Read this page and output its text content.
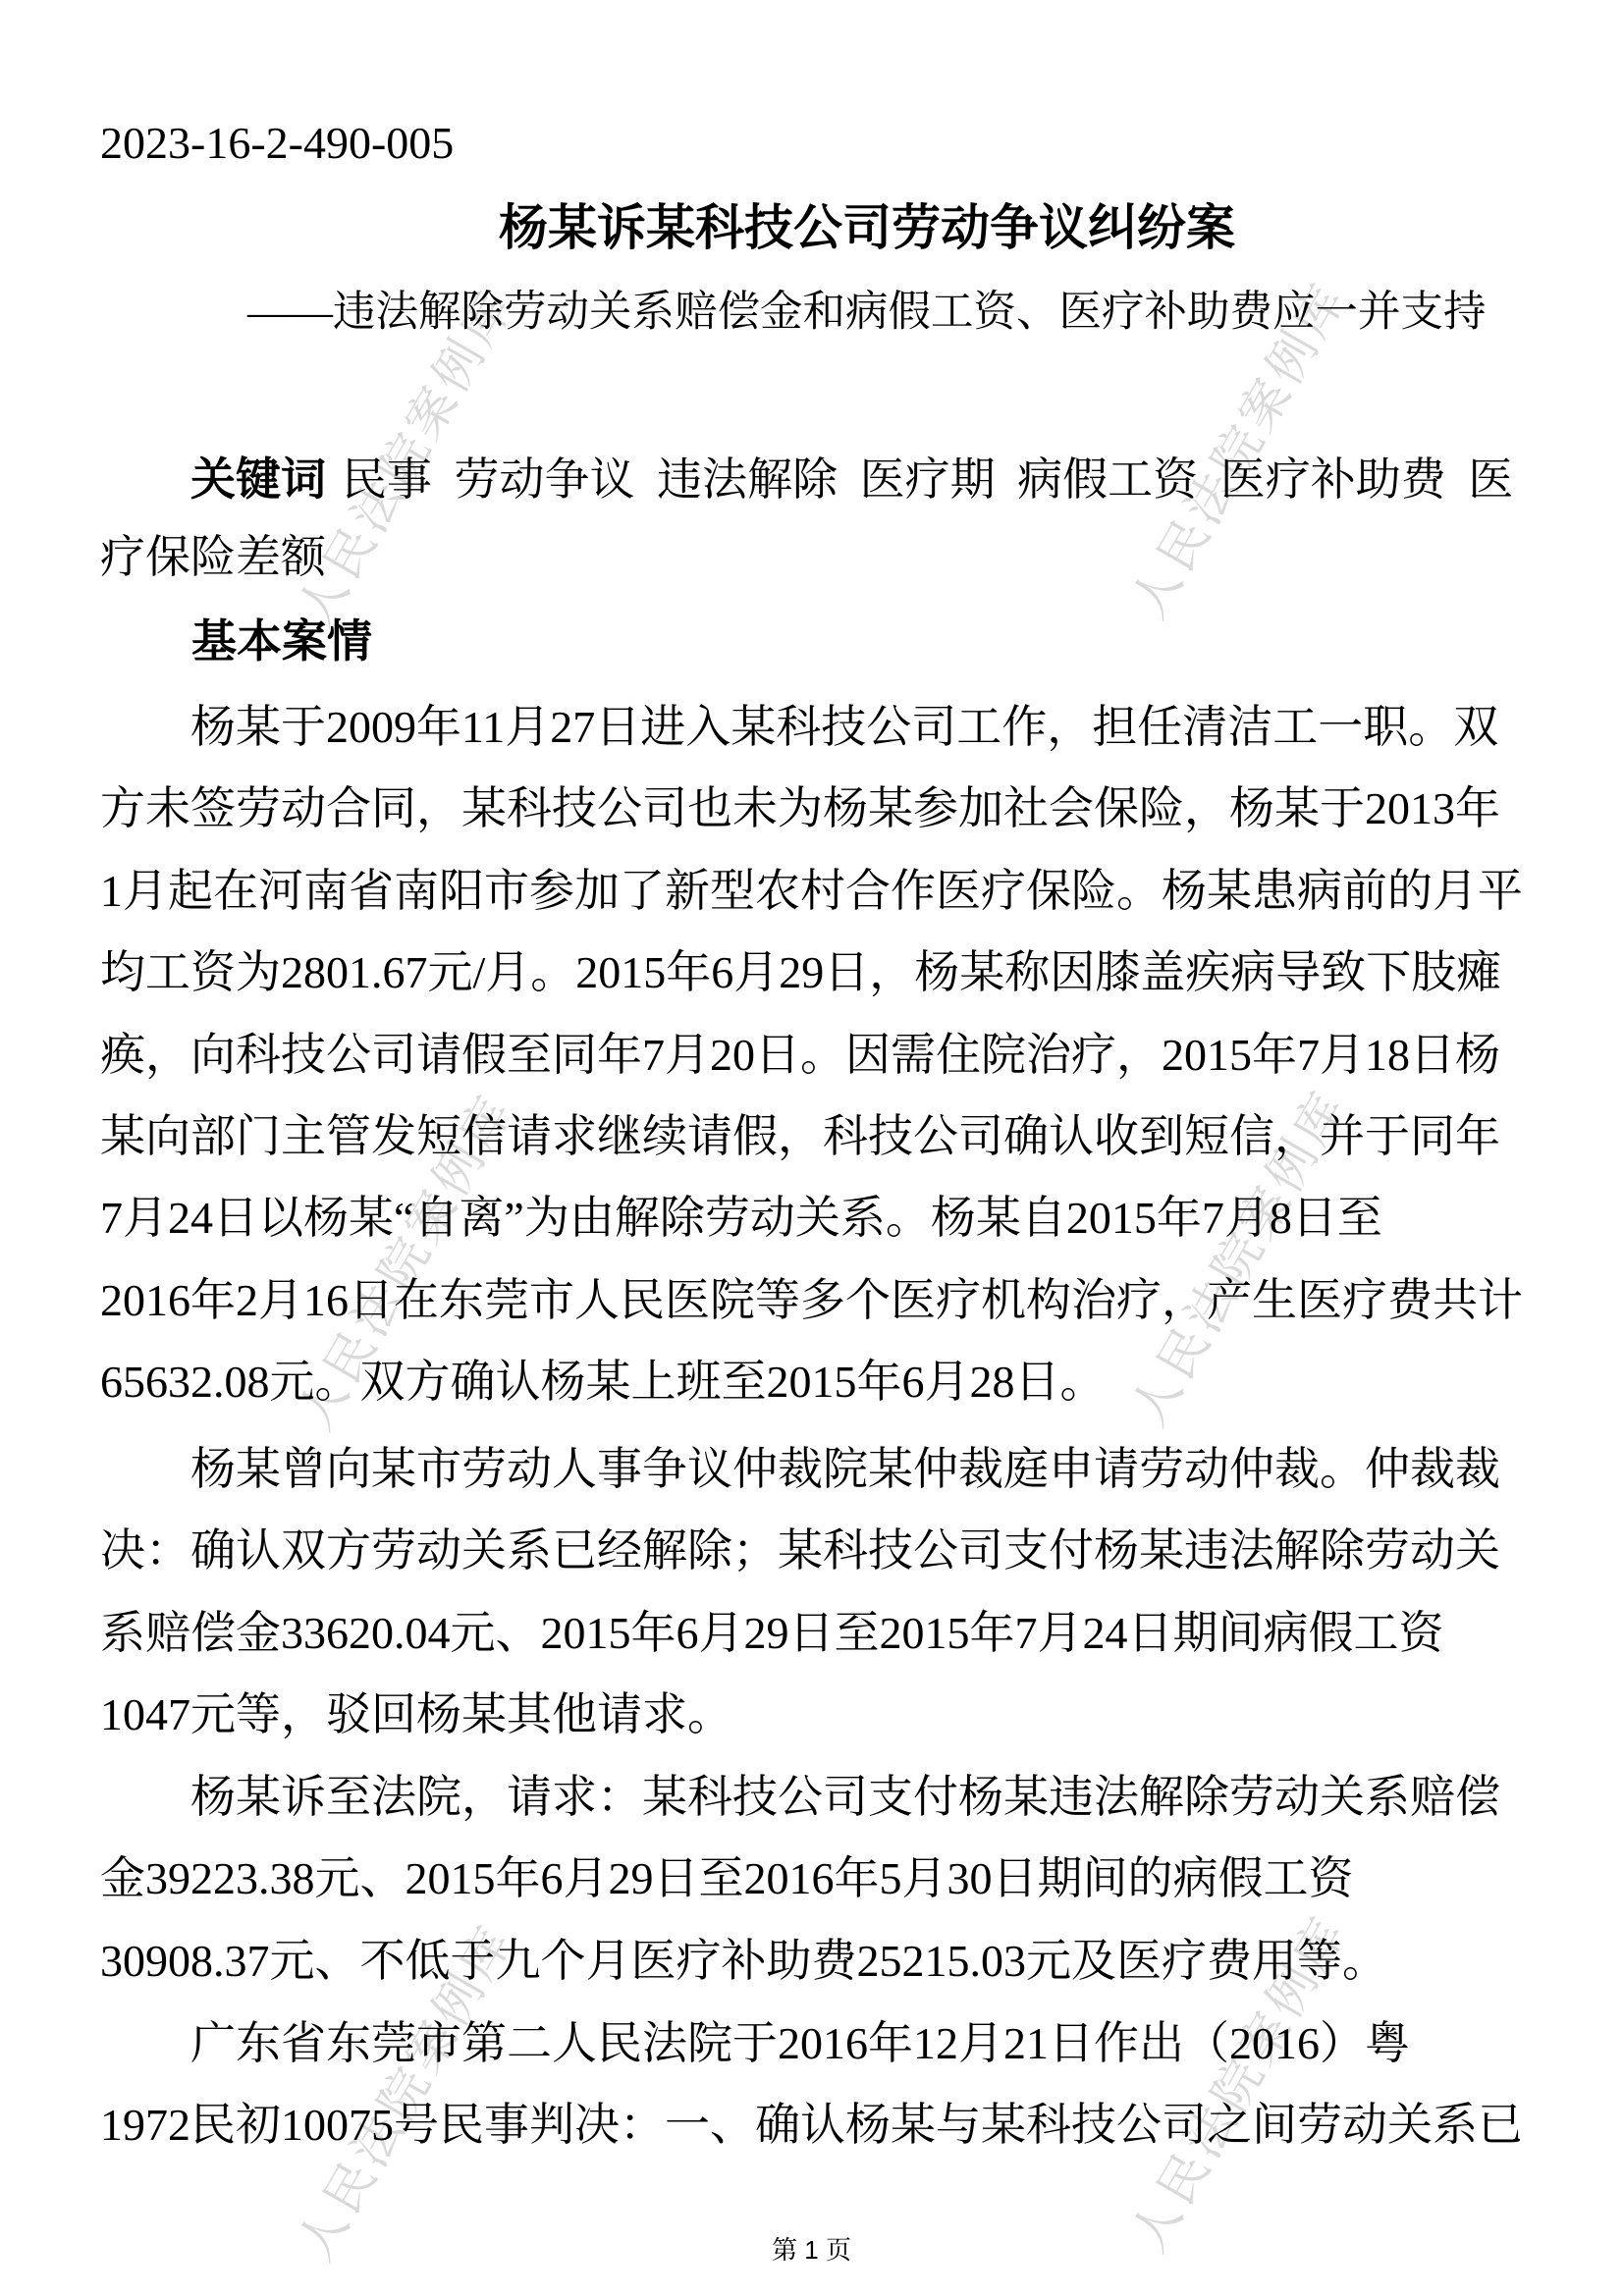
人民法院案例库	人民法院案例库
人民法院案例库	人民法院案例库
人民法院案例库	人民法院案例库
2023-16-2-490-005
杨某诉某科技公司劳动争议纠纷案
——违法解除劳动关系赔偿金和病假工资、医疗补助费应一并支持
关键词 民事 劳动争议 违法解除 医疗期 病假工资 医疗补助费 医
疗保险差额
基本案情
杨某于2009年11月27日进入某科技公司工作，担任清洁工一职。双
方未签劳动合同，某科技公司也未为杨某参加社会保险，杨某于2013年
1月起在河南省南阳市参加了新型农村合作医疗保险。杨某患病前的月平
均工资为2801.67元/月。2015年6月29日，杨某称因膝盖疾病导致下肢瘫
痪，向科技公司请假至同年7月20日。因需住院治疗，2015年7月18日杨
某向部门主管发短信请求继续请假，科技公司确认收到短信，并于同年
7月24日以杨某“自离”为由解除劳动关系。杨某自2015年7月8日至
2016年2月16日在东莞市人民医院等多个医疗机构治疗，产生医疗费共计
65632.08元。双方确认杨某上班至2015年6月28日。
杨某曾向某市劳动人事争议仲裁院某仲裁庭申请劳动仲裁。仲裁裁
决：确认双方劳动关系已经解除；某科技公司支付杨某违法解除劳动关
系赔偿金33620.04元、2015年6月29日至2015年7月24日期间病假工资
1047元等，驳回杨某其他请求。
杨某诉至法院，请求：某科技公司支付杨某违法解除劳动关系赔偿
金39223.38元、2015年6月29日至2016年5月30日期间的病假工资
30908.37元、不低于九个月医疗补助费25215.03元及医疗费用等。
广东省东莞市第二人民法院于2016年12月21日作出（2016）粤
1972民初10075号民事判决：一、确认杨某与某科技公司之间劳动关系已
第 1 页
